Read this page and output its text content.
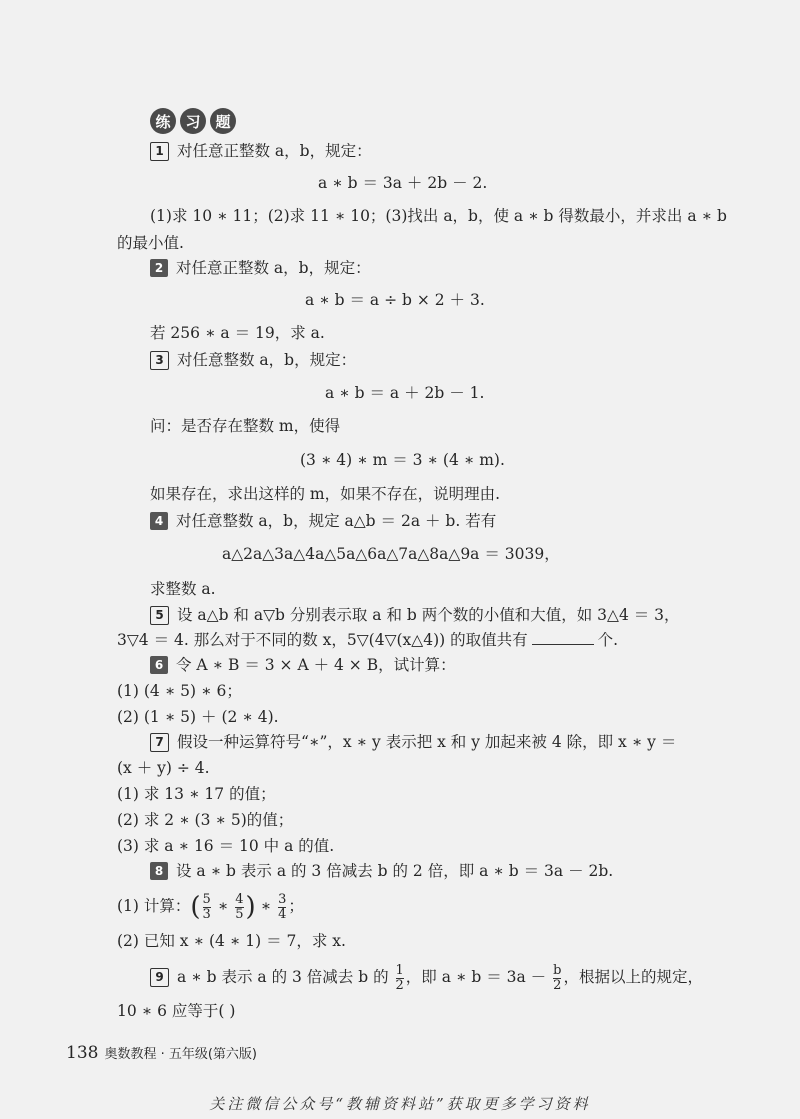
练 习 题
1 对任意正整数 a，b，规定：
a ∗ b ＝ 3a ＋ 2b － 2.
(1)求 10 ∗ 11；(2)求 11 ∗ 10；(3)找出 a，b，使 a ∗ b 得数最小，并求出 a ∗ b
的最小值.
2 对任意正整数 a，b，规定：
a ∗ b ＝ a ÷ b × 2 ＋ 3.
若 256 ∗ a ＝ 19，求 a.
3 对任意整数 a，b，规定：
a ∗ b ＝ a ＋ 2b － 1.
问：是否存在整数 m，使得
(3 ∗ 4) ∗ m ＝ 3 ∗ (4 ∗ m).
如果存在，求出这样的 m，如果不存在，说明理由.
4 对任意整数 a，b，规定 a△b ＝ 2a ＋ b. 若有
a△2a△3a△4a△5a△6a△7a△8a△9a ＝ 3039，
求整数 a.
5 设 a△b 和 a▽b 分别表示取 a 和 b 两个数的小值和大值，如 3△4 ＝ 3，
3▽4 ＝ 4. 那么对于不同的数 x，5▽(4▽(x△4)) 的取值共有	个.
6 令 A ∗ B ＝ 3 × A ＋ 4 × B，试计算：
(1) (4 ∗ 5) ∗ 6；
(2) (1 ∗ 5) ＋ (2 ∗ 4).
7 假设一种运算符号“∗”，x ∗ y 表示把 x 和 y 加起来被 4 除，即 x ∗ y ＝
(x ＋ y) ÷ 4.
(1) 求 13 ∗ 17 的值；
(2) 求 2 ∗ (3 ∗ 5)的值；
(3) 求 a ∗ 16 ＝ 10 中 a 的值.
8 设 a ∗ b 表示 a 的 3 倍减去 b 的 2 倍，即 a ∗ b ＝ 3a － 2b.
(1) 计算：( $\frac{5}{3}$ ∗ $\frac{4}{5}$ ) ∗ $\frac{3}{4}$ ；
(2) 已知 x ∗ (4 ∗ 1) ＝ 7，求 x.
9 a ∗ b 表示 a 的 3 倍减去 b 的 $\frac{1}{2}$ ，即 a ∗ $b = 3a - \frac{b}{2}$ ，根据以上的规定，
10 ∗ 6 应等于( )
138 奥数教程 · 五年级(第六版)
关注微信公众号“教辅资料站”获取更多学习资料
